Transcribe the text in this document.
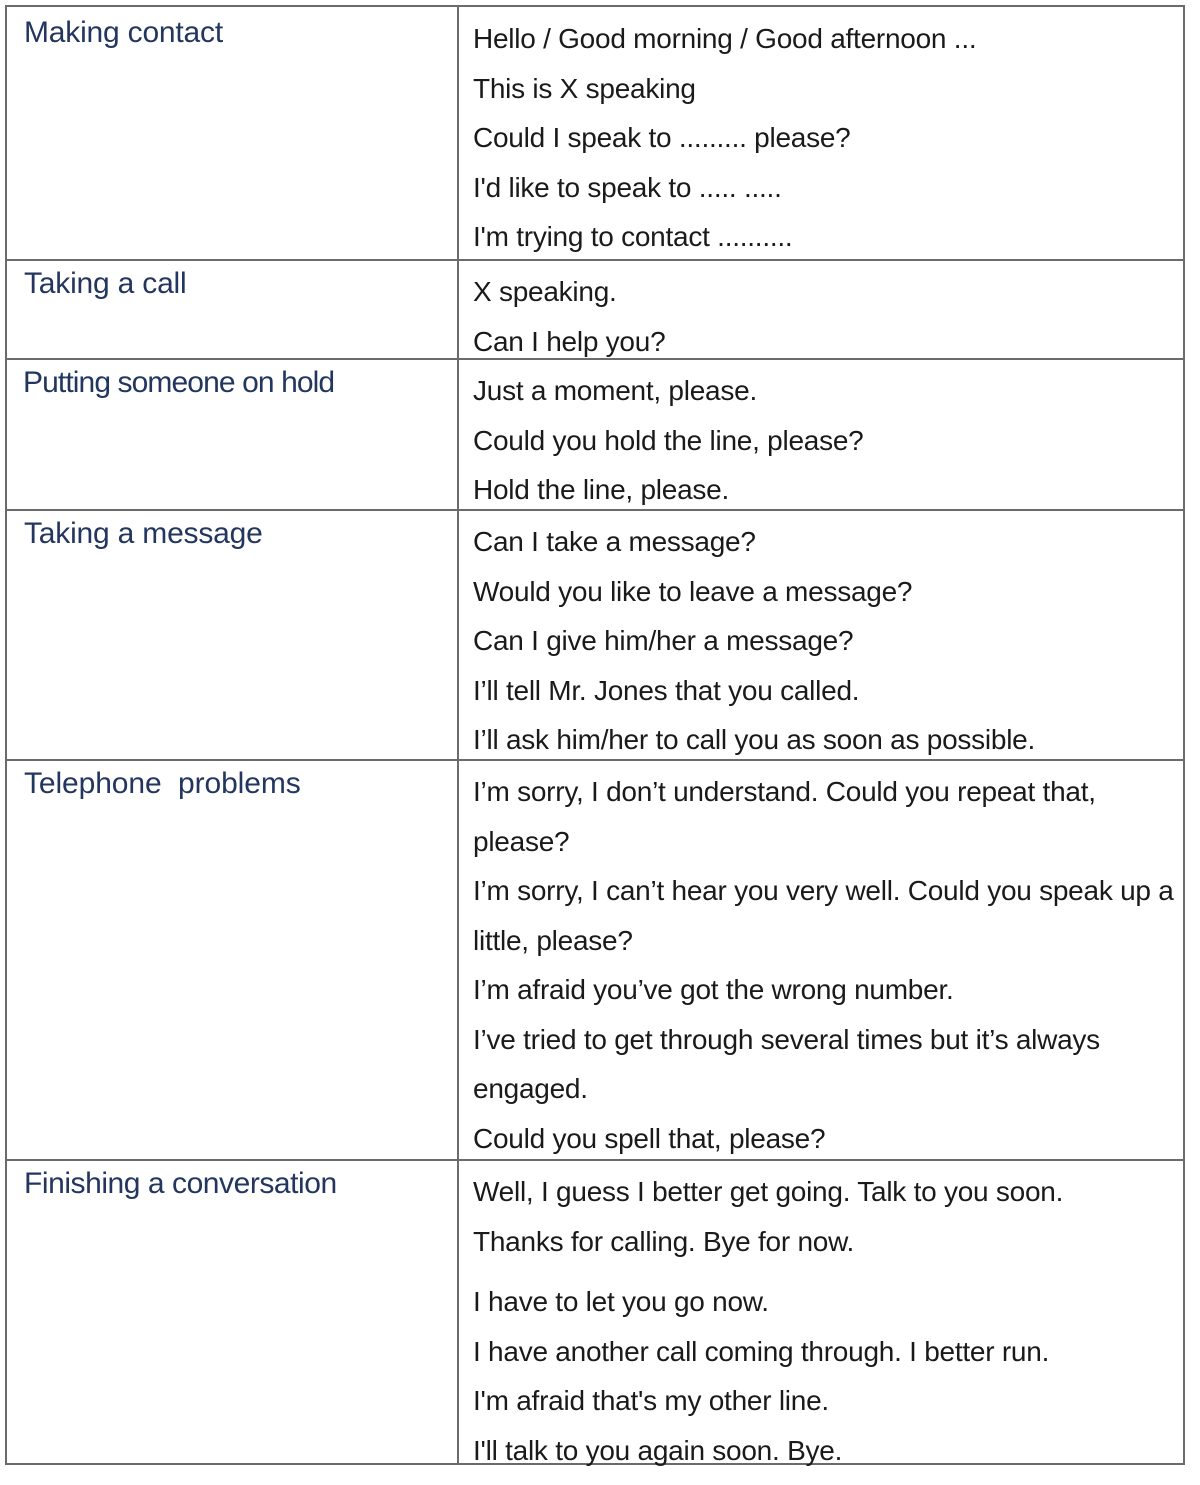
Making contact	Hello / Good morning / Good afternoon ...
This is X speaking
Could I speak to ......... please?
I'd like to speak to ..... .....
I'm trying to contact ..........
Taking a call	X speaking.
Can I help you?
Putting someone on hold	Just a moment, please.
Could you hold the line, please?
Hold the line, please.
Taking a message	Can I take a message?
Would you like to leave a message?
Can I give him/her a message?
I’ll tell Mr. Jones that you called.
I’ll ask him/her to call you as soon as possible.
Telephone  problems	I’m sorry, I don’t understand. Could you repeat that, please?
I’m sorry, I can’t hear you very well. Could you speak up a little, please?
I’m afraid you’ve got the wrong number.
I’ve tried to get through several times but it’s always engaged.
Could you spell that, please?
Finishing a conversation	Well, I guess I better get going. Talk to you soon.
Thanks for calling. Bye for now.
I have to let you go now.
I have another call coming through. I better run.
I'm afraid that's my other line.
I'll talk to you again soon. Bye.
